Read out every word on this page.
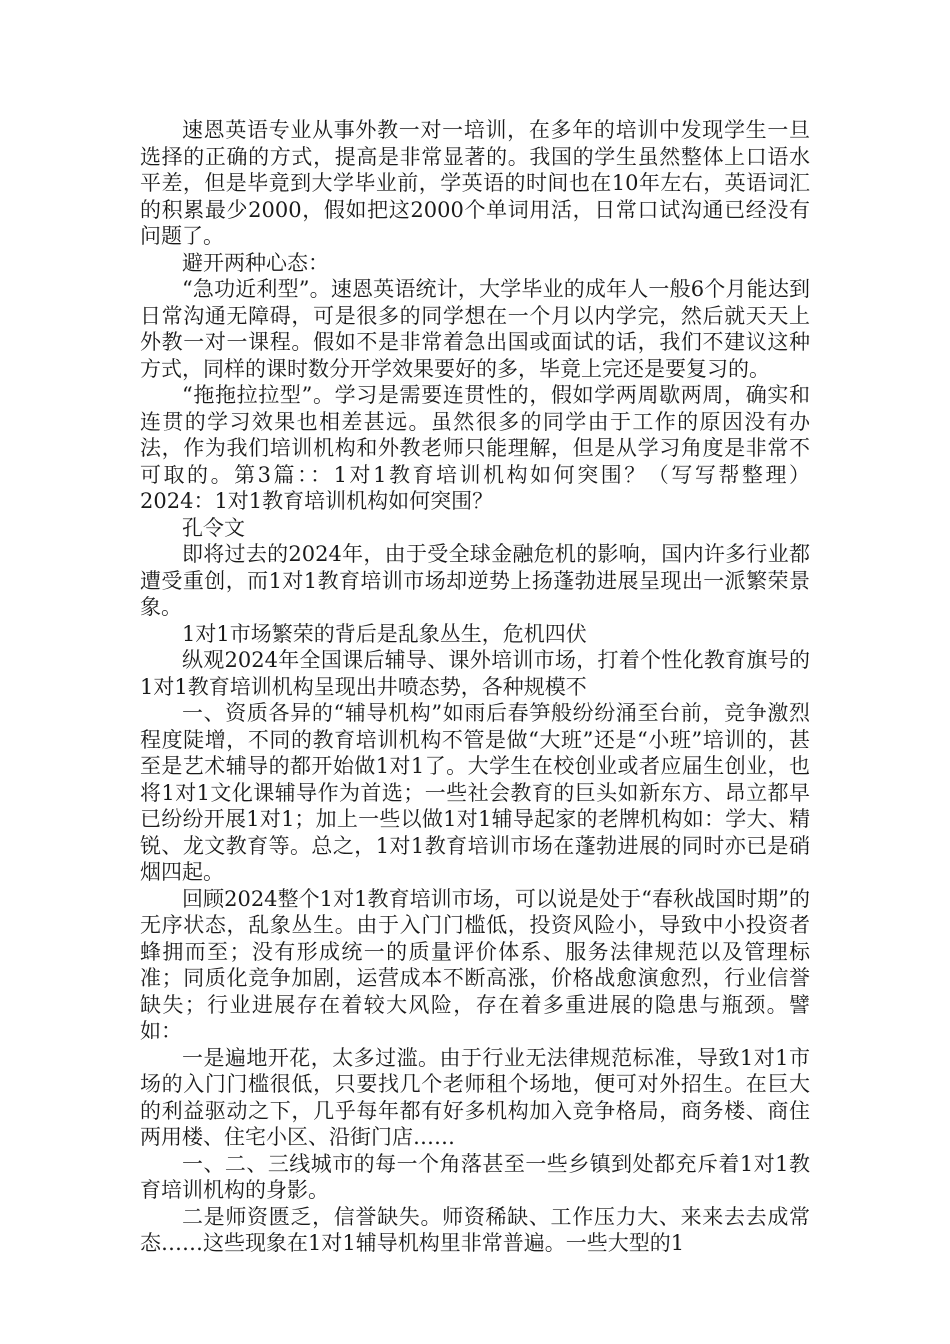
速恩英语专业从事外教一对一培训，在多年的培训中发现学生一旦选择的正确的方式，提高是非常显著的。我国的学生虽然整体上口语水平差，但是毕竟到大学毕业前，学英语的时间也在10年左右，英语词汇的积累最少2000，假如把这2000个单词用活，日常口试沟通已经没有问题了。

避开两种心态：

“急功近利型”。速恩英语统计，大学毕业的成年人一般6个月能达到日常沟通无障碍，可是很多的同学想在一个月以内学完，然后就天天上外教一对一课程。假如不是非常着急出国或面试的话，我们不建议这种方式，同样的课时数分开学效果要好的多，毕竟上完还是要复习的。

“拖拖拉拉型”。学习是需要连贯性的，假如学两周歇两周，确实和连贯的学习效果也相差甚远。虽然很多的同学由于工作的原因没有办法，作为我们培训机构和外教老师只能理解，但是从学习角度是非常不可取的。第3篇：：1对1教育培训机构如何突围？（写写帮整理）2024：1对1教育培训机构如何突围？

孔令文

即将过去的2024年，由于受全球金融危机的影响，国内许多行业都遭受重创，而1对1教育培训市场却逆势上扬蓬勃进展呈现出一派繁荣景象。

1对1市场繁荣的背后是乱象丛生，危机四伏

纵观2024年全国课后辅导、课外培训市场，打着个性化教育旗号的1对1教育培训机构呈现出井喷态势，各种规模不

一、资质各异的“辅导机构”如雨后春笋般纷纷涌至台前，竞争激烈程度陡增，不同的教育培训机构不管是做“大班”还是“小班”培训的，甚至是艺术辅导的都开始做1对1了。大学生在校创业或者应届生创业，也将1对1文化课辅导作为首选；一些社会教育的巨头如新东方、昂立都早已纷纷开展1对1；加上一些以做1对1辅导起家的老牌机构如：学大、精锐、龙文教育等。总之，1对1教育培训市场在蓬勃进展的同时亦已是硝烟四起。

回顾2024整个1对1教育培训市场，可以说是处于“春秋战国时期”的无序状态，乱象丛生。由于入门门槛低，投资风险小，导致中小投资者蜂拥而至；没有形成统一的质量评价体系、服务法律规范以及管理标准；同质化竞争加剧，运营成本不断高涨，价格战愈演愈烈，行业信誉缺失；行业进展存在着较大风险，存在着多重进展的隐患与瓶颈。譬如：

一是遍地开花，太多过滥。由于行业无法律规范标准，导致1对1市场的入门门槛很低，只要找几个老师租个场地，便可对外招生。在巨大的利益驱动之下，几乎每年都有好多机构加入竞争格局，商务楼、商住两用楼、住宅小区、沿街门店……

一、二、三线城市的每一个角落甚至一些乡镇到处都充斥着1对1教育培训机构的身影。

二是师资匮乏，信誉缺失。师资稀缺、工作压力大、来来去去成常态……这些现象在1对1辅导机构里非常普遍。一些大型的1
